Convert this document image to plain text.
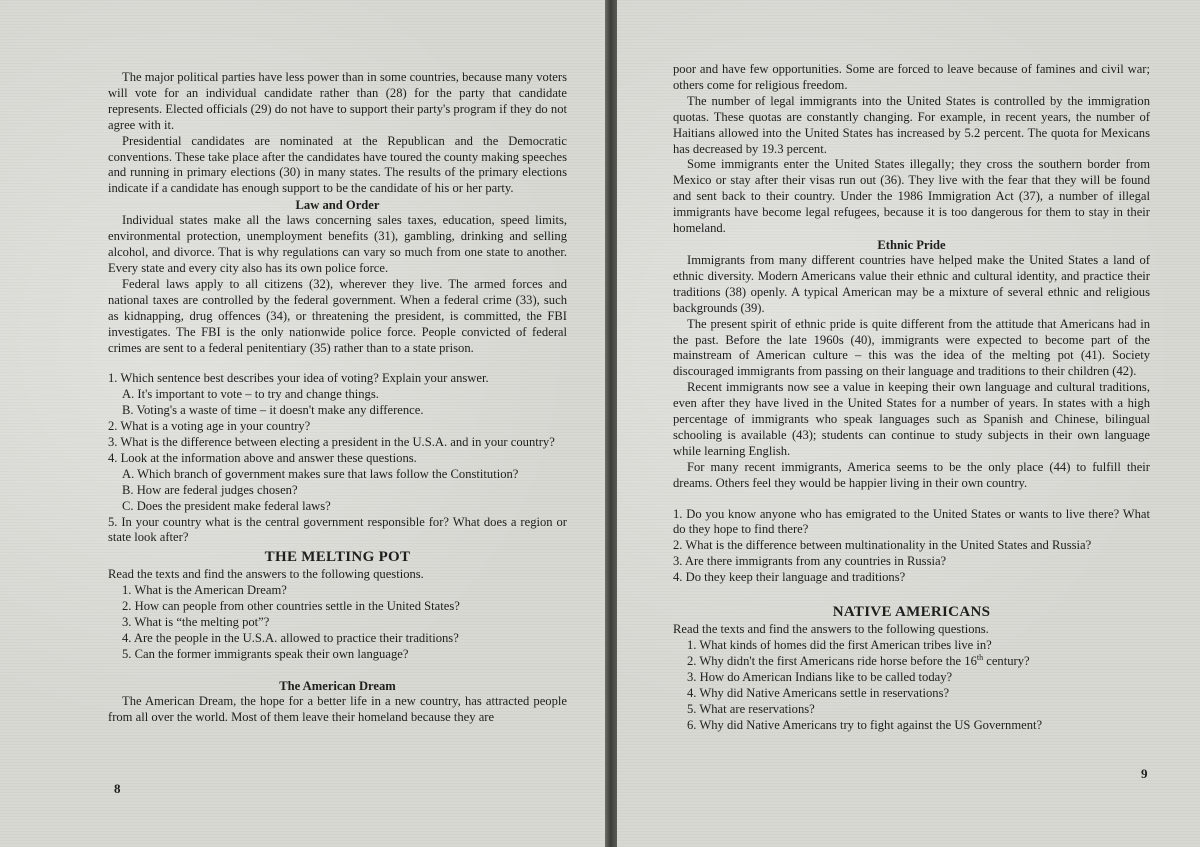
The major political parties have less power than in some countries, because many voters will vote for an individual candidate rather than (28) for the party that candidate represents. Elected officials (29) do not have to support their party's program if they do not agree with it.

Presidential candidates are nominated at the Republican and the Democratic conventions. These take place after the candidates have toured the county making speeches and running in primary elections (30) in many states. The results of the primary elections indicate if a candidate has enough support to be the candidate of his or her party.

Law and Order

Individual states make all the laws concerning sales taxes, education, speed limits, environmental protection, unemployment benefits (31), gambling, drinking and selling alcohol, and divorce. That is why regulations can vary so much from one state to another. Every state and every city also has its own police force.

Federal laws apply to all citizens (32), wherever they live. The armed forces and national taxes are controlled by the federal government. When a federal crime (33), such as kidnapping, drug offences (34), or threatening the president, is committed, the FBI investigates. The FBI is the only nationwide police force. People convicted of federal crimes are sent to a federal penitentiary (35) rather than to a state prison.

1. Which sentence best describes your idea of voting? Explain your answer.
A. It's important to vote – to try and change things.
B. Voting's a waste of time – it doesn't make any difference.
2. What is a voting age in your country?

3. What is the difference between electing a president in the U.S.A. and in your country?

4. Look at the information above and answer these questions.
A. Which branch of government makes sure that laws follow the Constitution?
B. How are federal judges chosen?
C. Does the president make federal laws?

5. In your country what is the central government responsible for? What does a region or state look after?

THE MELTING POT
Read the texts and find the answers to the following questions.
1. What is the American Dream?
2. How can people from other countries settle in the United States?
3. What is “the melting pot”?
4. Are the people in the U.S.A. allowed to practice their traditions?
5. Can the former immigrants speak their own language?
The American Dream

The American Dream, the hope for a better life in a new country, has attracted people from all over the world. Most of them leave their homeland because they are

8

poor and have few opportunities. Some are forced to leave because of famines and civil war; others come for religious freedom.

The number of legal immigrants into the United States is controlled by the immigration quotas. These quotas are constantly changing. For example, in recent years, the number of Haitians allowed into the United States has increased by 5.2 percent. The quota for Mexicans has decreased by 19.3 percent.

Some immigrants enter the United States illegally; they cross the southern border from Mexico or stay after their visas run out (36). They live with the fear that they will be found and sent back to their country. Under the 1986 Immigration Act (37), a number of illegal immigrants have become legal refugees, because it is too dangerous for them to stay in their homeland.

Ethnic Pride

Immigrants from many different countries have helped make the United States a land of ethnic diversity. Modern Americans value their ethnic and cultural identity, and practice their traditions (38) openly. A typical American may be a mixture of several ethnic and religious backgrounds (39).

The present spirit of ethnic pride is quite different from the attitude that Americans had in the past. Before the late 1960s (40), immigrants were expected to become part of the mainstream of American culture – this was the idea of the melting pot (41). Society discouraged immigrants from passing on their language and traditions to their children (42).

Recent immigrants now see a value in keeping their own language and cultural traditions, even after they have lived in the United States for a number of years. In states with a high percentage of immigrants who speak languages such as Spanish and Chinese, bilingual schooling is available (43); students can continue to study subjects in their own language while learning English.

For many recent immigrants, America seems to be the only place (44) to fulfill their dreams. Others feel they would be happier living in their own country.

1. Do you know anyone who has emigrated to the United States or wants to live there? What do they hope to find there?

2. What is the difference between multinationality in the United States and Russia?
3. Are there immigrants from any countries in Russia?
4. Do they keep their language and traditions?
NATIVE AMERICANS
Read the texts and find the answers to the following questions.
1. What kinds of homes did the first American tribes live in?
2. Why didn't the first Americans ride horse before the 16th century?
3. How do American Indians like to be called today?
4. Why did Native Americans settle in reservations?
5. What are reservations?
6. Why did Native Americans try to fight against the US Government?
9
